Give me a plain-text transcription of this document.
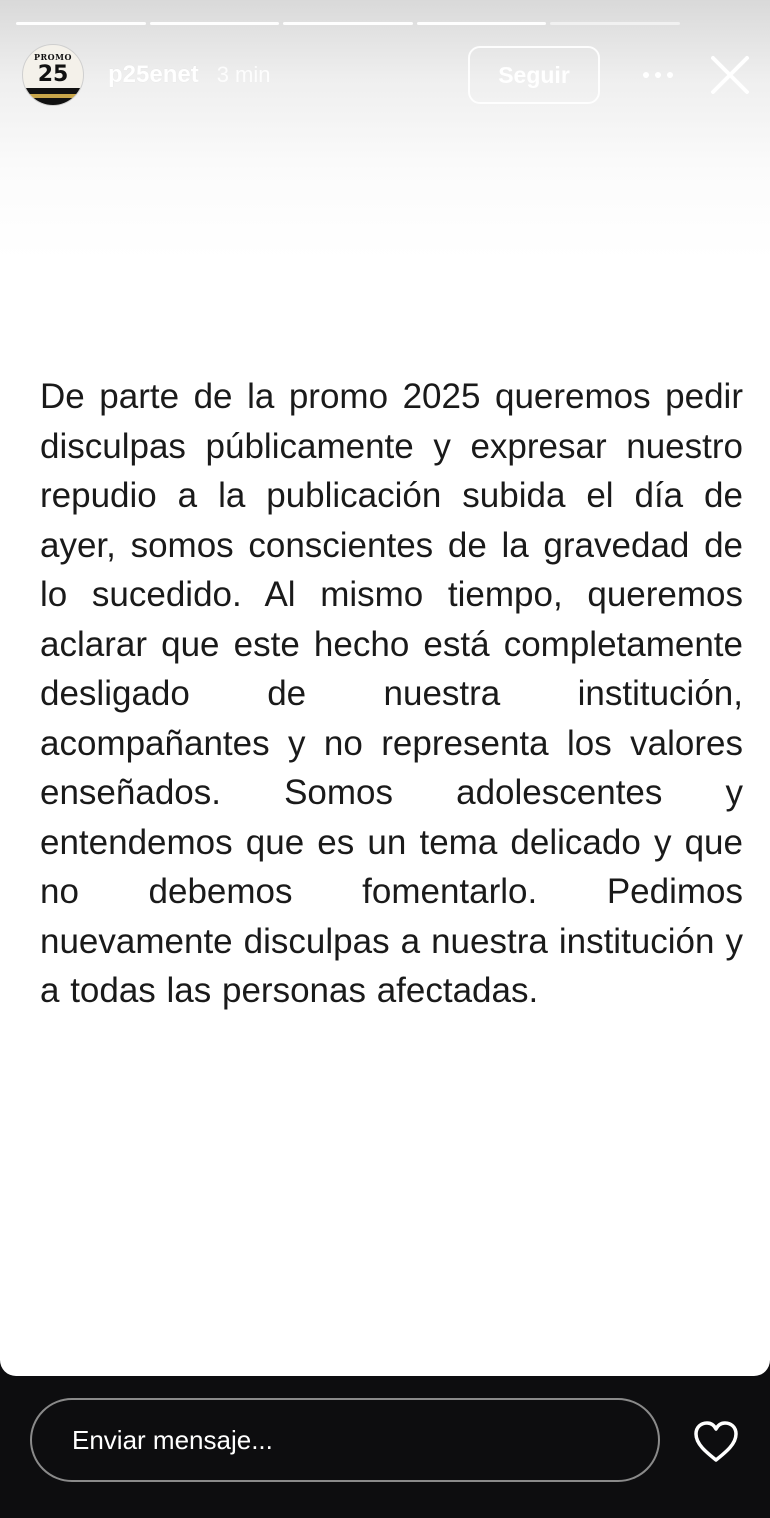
PROMO
25	p25enet 3 min	Seguir
De parte de la promo 2025 queremos pedir disculpas públicamente y expresar nuestro repudio a la publicación subida el día de ayer, somos conscientes de la gravedad de lo sucedido. Al mismo tiempo, queremos aclarar que este hecho está completamente desligado de nuestra institución, acompañantes y no representa los valores enseñados. Somos adolescentes y entendemos que es un tema delicado y que no debemos fomentarlo. Pedimos nuevamente disculpas a nuestra institución y a todas las personas afectadas.
Enviar mensaje...
